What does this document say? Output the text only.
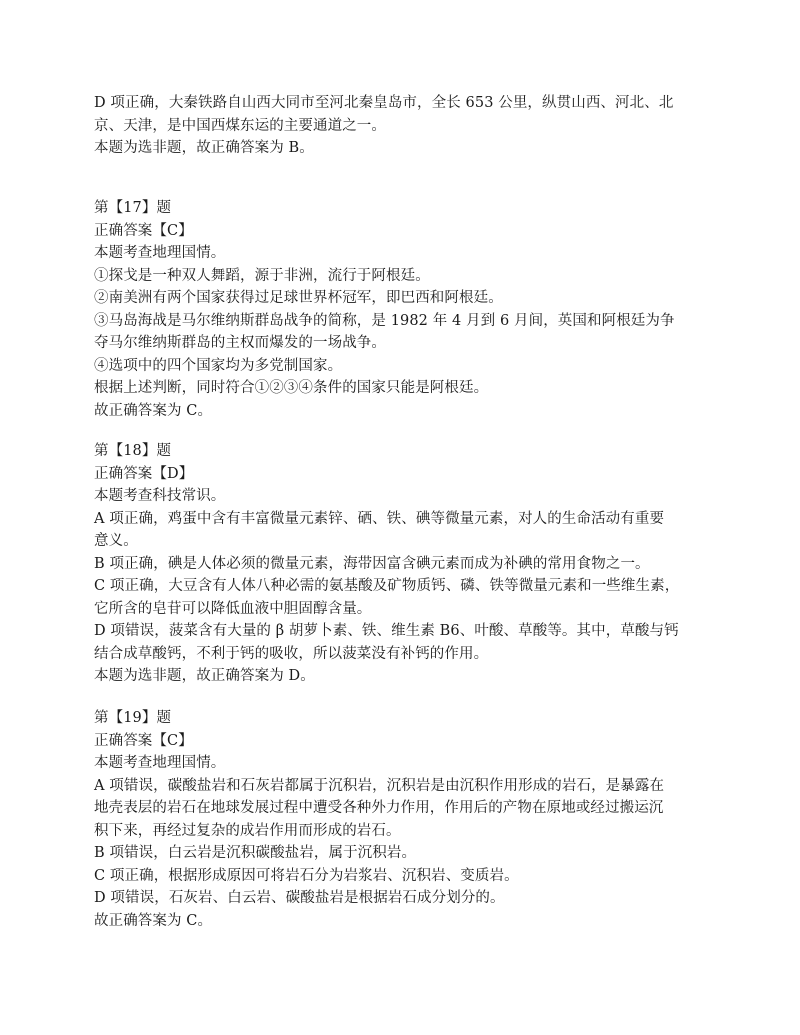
D 项正确，大秦铁路自山西大同市至河北秦皇岛市，全长 653 公里，纵贯山西、河北、北
京、天津，是中国西煤东运的主要通道之一。
本题为选非题，故正确答案为 B。
第【17】题
正确答案【C】
本题考查地理国情。
①探戈是一种双人舞蹈，源于非洲，流行于阿根廷。
②南美洲有两个国家获得过足球世界杯冠军，即巴西和阿根廷。
③马岛海战是马尔维纳斯群岛战争的简称，是 1982 年 4 月到 6 月间，英国和阿根廷为争
夺马尔维纳斯群岛的主权而爆发的一场战争。
④选项中的四个国家均为多党制国家。
根据上述判断，同时符合①②③④条件的国家只能是阿根廷。
故正确答案为 C。
第【18】题
正确答案【D】
本题考查科技常识。
A 项正确，鸡蛋中含有丰富微量元素锌、硒、铁、碘等微量元素，对人的生命活动有重要
意义。
B 项正确，碘是人体必须的微量元素，海带因富含碘元素而成为补碘的常用食物之一。
C 项正确，大豆含有人体八种必需的氨基酸及矿物质钙、磷、铁等微量元素和一些维生素，
它所含的皂苷可以降低血液中胆固醇含量。
D 项错误，菠菜含有大量的 β 胡萝卜素、铁、维生素 B6、叶酸、草酸等。其中，草酸与钙
结合成草酸钙，不利于钙的吸收，所以菠菜没有补钙的作用。
本题为选非题，故正确答案为 D。
第【19】题
正确答案【C】
本题考查地理国情。
A 项错误，碳酸盐岩和石灰岩都属于沉积岩，沉积岩是由沉积作用形成的岩石，是暴露在
地壳表层的岩石在地球发展过程中遭受各种外力作用，作用后的产物在原地或经过搬运沉
积下来，再经过复杂的成岩作用而形成的岩石。
B 项错误，白云岩是沉积碳酸盐岩，属于沉积岩。
C 项正确，根据形成原因可将岩石分为岩浆岩、沉积岩、变质岩。
D 项错误，石灰岩、白云岩、碳酸盐岩是根据岩石成分划分的。
故正确答案为 C。
